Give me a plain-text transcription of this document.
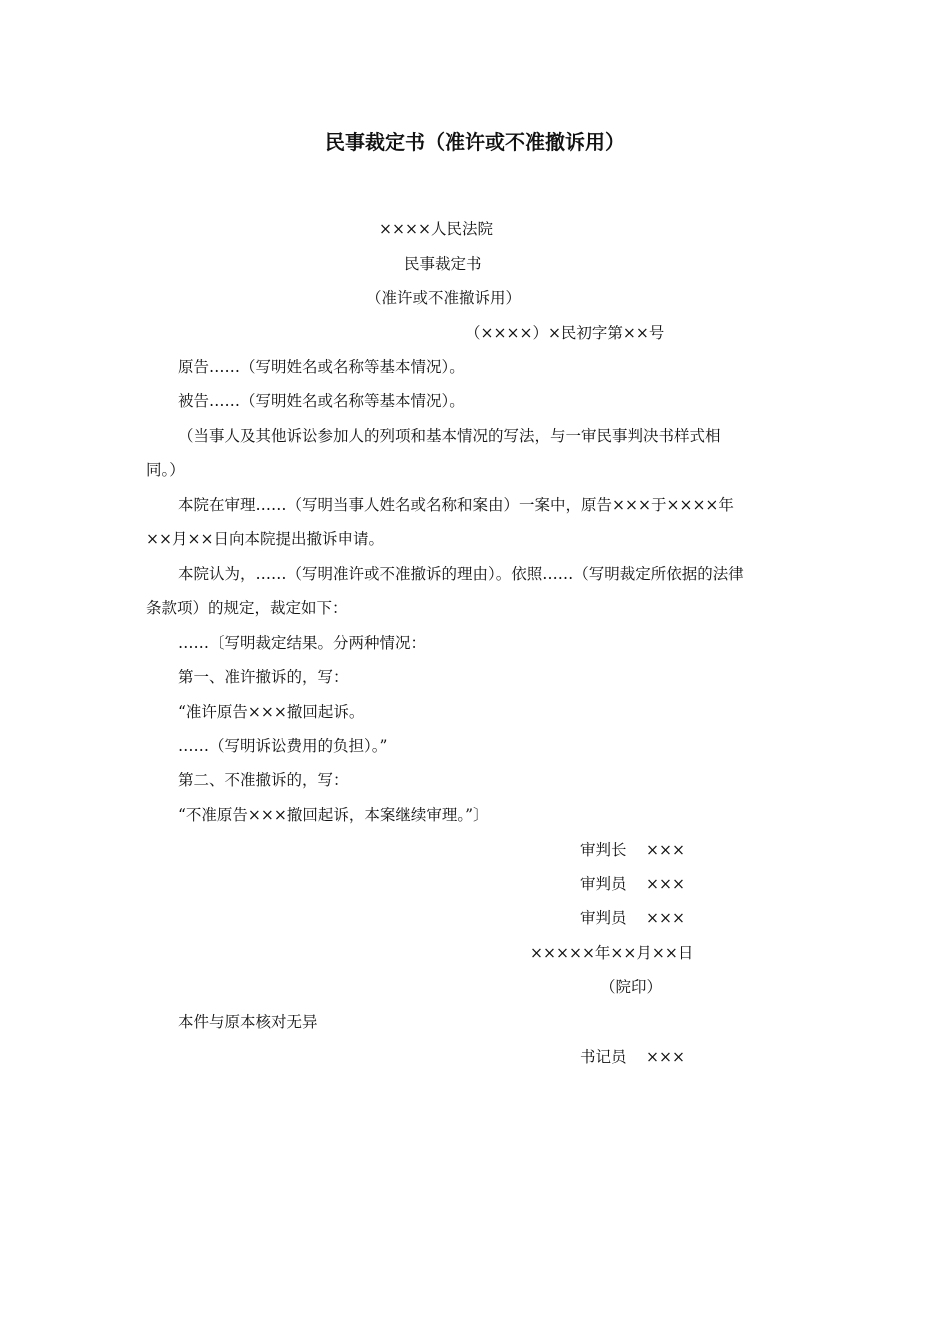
民事裁定书（准许或不准撤诉用）
××××人民法院
民事裁定书
（准许或不准撤诉用）
（××××）×民初字第××号
原告……（写明姓名或名称等基本情况）。
被告……（写明姓名或名称等基本情况）。
（当事人及其他诉讼参加人的列项和基本情况的写法，与一审民事判决书样式相同。）
本院在审理……（写明当事人姓名或名称和案由）一案中，原告×××于××××年××月××日向本院提出撤诉申请。
本院认为，……（写明准许或不准撤诉的理由）。依照……（写明裁定所依据的法律条款项）的规定，裁定如下：
……〔写明裁定结果。分两种情况：
第一、准许撤诉的，写：
“准许原告×××撤回起诉。
……（写明诉讼费用的负担）。”
第二、不准撤诉的，写：
“不准原告×××撤回起诉，本案继续审理。”〕
审判长 ×××
审判员 ×××
审判员 ×××
×××××年××月××日
（院印）
本件与原本核对无异
书记员 ×××
